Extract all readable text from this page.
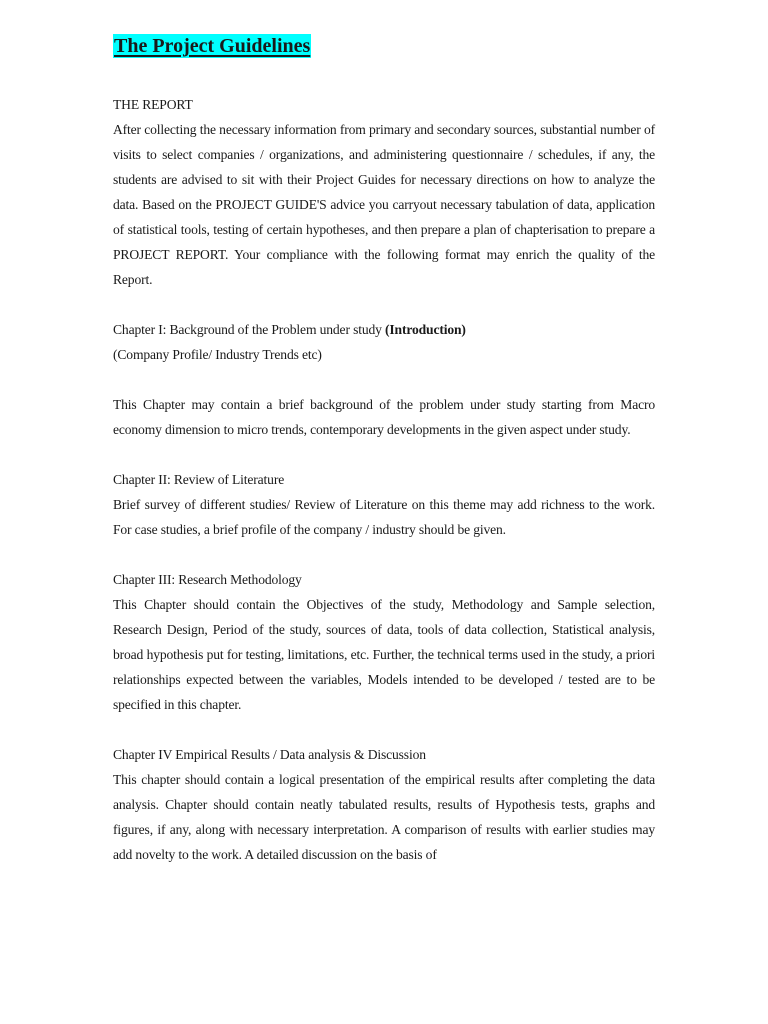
The Project Guidelines

THE REPORT

After collecting the necessary information from primary and secondary sources, substantial number of visits to select companies / organizations, and administering questionnaire / schedules, if any, the students are advised to sit with their Project Guides for necessary directions on how to analyze the data. Based on the PROJECT GUIDE'S advice you carryout necessary tabulation of data, application of statistical tools, testing of certain hypotheses, and then prepare a plan of chapterisation to prepare a PROJECT REPORT. Your compliance with the following format may enrich the quality of the Report.

Chapter I: Background of the Problem under study (Introduction)

(Company Profile/ Industry Trends etc)

This Chapter may contain a brief background of the problem under study starting from Macro economy dimension to micro trends, contemporary developments in the given aspect under study.

Chapter II: Review of Literature

Brief survey of different studies/ Review of Literature on this theme may add richness to the work. For case studies, a brief profile of the company / industry should be given.

Chapter III: Research Methodology

This Chapter should contain the Objectives of the study, Methodology and Sample selection, Research Design, Period of the study, sources of data, tools of data collection, Statistical analysis, broad hypothesis put for testing, limitations, etc. Further, the technical terms used in the study, a priori relationships expected between the variables, Models intended to be developed / tested are to be specified in this chapter.

Chapter IV Empirical Results / Data analysis & Discussion

This chapter should contain a logical presentation of the empirical results after completing the data analysis. Chapter should contain neatly tabulated results, results of Hypothesis tests, graphs and figures, if any, along with necessary interpretation. A comparison of results with earlier studies may add novelty to the work. A detailed discussion on the basis of
